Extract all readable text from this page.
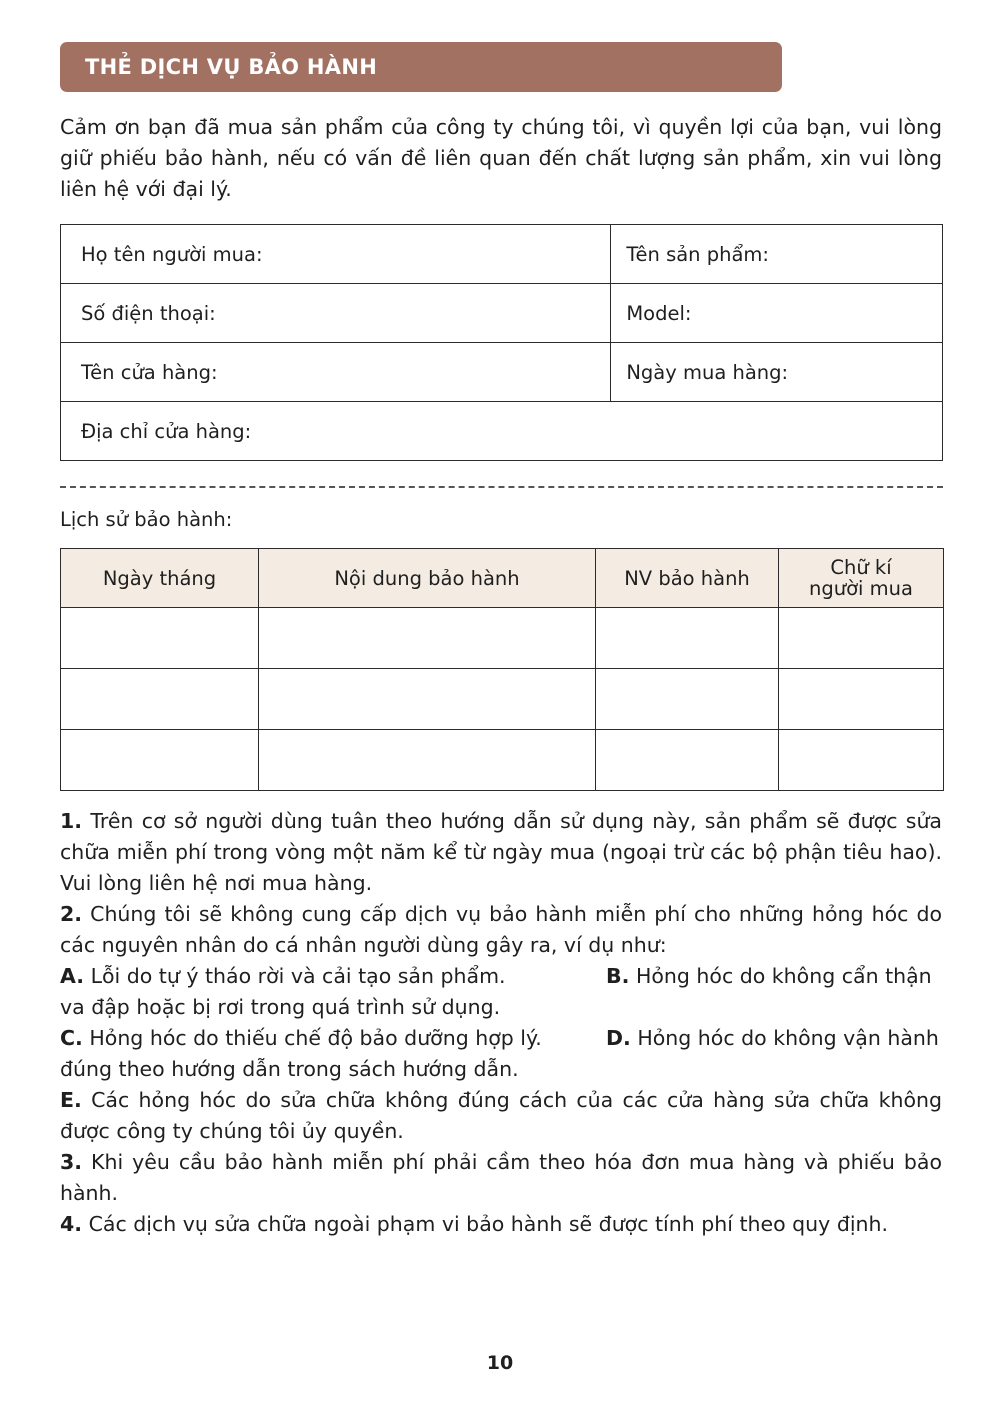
THẺ DỊCH VỤ BẢO HÀNH
Cảm ơn bạn đã mua sản phẩm của công ty chúng tôi, vì quyền lợi của bạn, vui lòng giữ phiếu bảo hành, nếu có vấn đề liên quan đến chất lượng sản phẩm, xin vui lòng liên hệ với đại lý.
Họ tên người mua:	Tên sản phẩm:
Số điện thoại:	Model:
Tên cửa hàng:	Ngày mua hàng:
Địa chỉ cửa hàng:	
Lịch sử bảo hành:
Ngày tháng	Nội dung bảo hành	NV bảo hành	Chữ kí người mua

1. Trên cơ sở người dùng tuân theo hướng dẫn sử dụng này, sản phẩm sẽ được sửa chữa miễn phí trong vòng một năm kể từ ngày mua (ngoại trừ các bộ phận tiêu hao). Vui lòng liên hệ nơi mua hàng.

2. Chúng tôi sẽ không cung cấp dịch vụ bảo hành miễn phí cho những hỏng hóc do các nguyên nhân do cá nhân người dùng gây ra, ví dụ như:

A. Lỗi do tự ý tháo rời và cải tạo sản phẩm.	B. Hỏng hóc do không cẩn thận

va đập hoặc bị rơi trong quá trình sử dụng.

C. Hỏng hóc do thiếu chế độ bảo dưỡng hợp lý.	D. Hỏng hóc do không vận hành

đúng theo hướng dẫn trong sách hướng dẫn.

E. Các hỏng hóc do sửa chữa không đúng cách của các cửa hàng sửa chữa không được công ty chúng tôi ủy quyền.

3. Khi yêu cầu bảo hành miễn phí phải cầm theo hóa đơn mua hàng và phiếu bảo hành.

4. Các dịch vụ sửa chữa ngoài phạm vi bảo hành sẽ được tính phí theo quy định.

10
